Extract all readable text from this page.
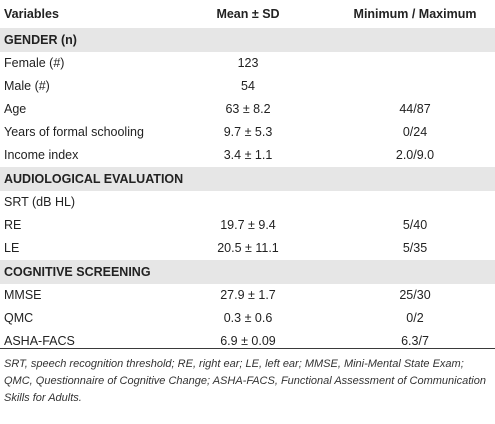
Variables	Mean ± SD	Minimum / Maximum
GENDER (n)
Female (#)	123
Male (#)	54
Age	63 ± 8.2	44/87
Years of formal schooling	9.7 ± 5.3	0/24
Income index	3.4 ± 1.1	2.0/9.0
AUDIOLOGICAL EVALUATION
SRT (dB HL)
RE	19.7 ± 9.4	5/40
LE	20.5 ± 11.1	5/35
COGNITIVE SCREENING
MMSE	27.9 ± 1.7	25/30
QMC	0.3 ± 0.6	0/2
ASHA-FACS	6.9 ± 0.09	6.3/7
SRT, speech recognition threshold; RE, right ear; LE, left ear; MMSE, Mini-Mental State Exam; QMC, Questionnaire of Cognitive Change; ASHA-FACS, Functional Assessment of Communication Skills for Adults.
